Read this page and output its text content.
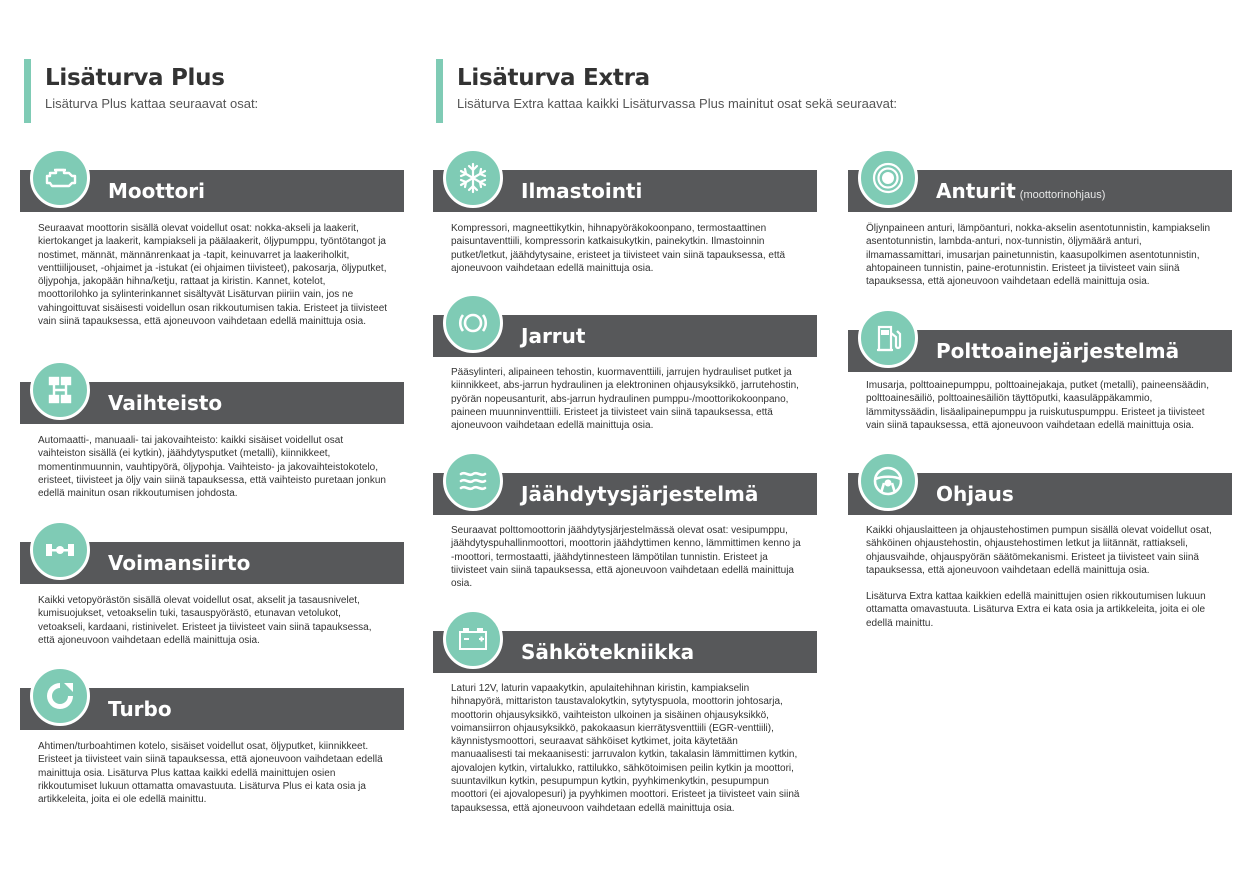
Lisäturva Plus
Lisäturva Plus kattaa seuraavat osat:
Lisäturva Extra
Lisäturva Extra kattaa kaikki Lisäturvassa Plus mainitut osat sekä seuraavat:
Moottori

Seuraavat moottorin sisällä olevat voidellut osat: nokka-akseli ja laakerit, kiertokanget ja laakerit, kampiakseli ja päälaakerit, öljypumppu, työntötangot ja nostimet, männät, männänrenkaat ja -tapit, keinuvarret ja laakeriholkit, venttiilijouset, -ohjaimet ja -istukat (ei ohjaimen tiivisteet), pakosarja, öljyputket, öljypohja, jakopään hihna/ketju, rattaat ja kiristin. Kannet, kotelot, moottorilohko ja sylinterinkannet sisältyvät Lisäturvan piiriin vain, jos ne vahingoittuvat sisäisesti voidellun osan rikkoutumisen takia. Eristeet ja tiivisteet vain siinä tapauksessa, että ajoneuvoon vaihdetaan edellä mainittuja osia.

Vaihteisto

Automaatti-, manuaali- tai jakovaihteisto: kaikki sisäiset voidellut osat vaihteiston sisällä (ei kytkin), jäähdytysputket (metalli), kiinnikkeet, momentinmuunnin, vauhtipyörä, öljypohja. Vaihteisto- ja jakovaihteistokotelo, eristeet, tiivisteet ja öljy vain siinä tapauksessa, että vaihteisto puretaan jonkun edellä mainitun osan rikkoutumisen johdosta.

Voimansiirto

Kaikki vetopyörästön sisällä olevat voidellut osat, akselit ja tasausnivelet, kumisuojukset, vetoakselin tuki, tasauspyörästö, etunavan vetolukot, vetoakseli, kardaani, ristinivelet. Eristeet ja tiivisteet vain siinä tapauksessa, että ajoneuvoon vaihdetaan edellä mainittuja osia.

Turbo

Ahtimen/turboahtimen kotelo, sisäiset voidellut osat, öljyputket, kiinnikkeet. Eristeet ja tiivisteet vain siinä tapauksessa, että ajoneuvoon vaihdetaan edellä mainittuja osia. Lisäturva Plus kattaa kaikki edellä mainittujen osien rikkoutumiset lukuun ottamatta omavastuuta. Lisäturva Plus ei kata osia ja artikkeleita, joita ei ole edellä mainittu.

Ilmastointi

Kompressori, magneettikytkin, hihnapyöräkokoonpano, termostaattinen paisuntaventtiili, kompressorin katkaisukytkin, painekytkin. Ilmastoinnin putket/letkut, jäähdytysaine, eristeet ja tiivisteet vain siinä tapauksessa, että ajoneuvoon vaihdetaan edellä mainittuja osia.

Jarrut

Pääsylinteri, alipaineen tehostin, kuormaventtiili, jarrujen hydrauliset putket ja kiinnikkeet, abs-jarrun hydraulinen ja elektroninen ohjausyksikkö, jarrutehostin, pyörän nopeusanturit, abs-jarrun hydraulinen pumppu-/moottorikokoonpano, paineen muunninventtiili. Eristeet ja tiivisteet vain siinä tapauksessa, että ajoneuvoon vaihdetaan edellä mainittuja osia.

Jäähdytysjärjestelmä

Seuraavat polttomoottorin jäähdytysjärjestelmässä olevat osat: vesipumppu, jäähdytyspuhallinmoottori, moottorin jäähdyttimen kenno, lämmittimen kenno ja -moottori, termostaatti, jäähdytinnesteen lämpötilan tunnistin. Eristeet ja tiivisteet vain siinä tapauksessa, että ajoneuvoon vaihdetaan edellä mainittuja osia.

Sähkötekniikka

Laturi 12V, laturin vapaakytkin, apulaitehihnan kiristin, kampiakselin hihnapyörä, mittariston taustavalokytkin, sytytyspuola, moottorin johtosarja, moottorin ohjausyksikkö, vaihteiston ulkoinen ja sisäinen ohjausyksikkö, voimansiirron ohjausyksikkö, pakokaasun kierrätysventtiili (EGR-venttiili), käynnistysmoottori, seuraavat sähköiset kytkimet, joita käytetään manuaalisesti tai mekaanisesti: jarruvalon kytkin, takalasin lämmittimen kytkin, ajovalojen kytkin, virtalukko, rattilukko, sähkötoimisen peilin kytkin ja moottori, suuntavilkun kytkin, pesupumpun kytkin, pyyhkimenkytkin, pesupumpun moottori (ei ajovalopesuri) ja pyyhkimen moottori. Eristeet ja tiivisteet vain siinä tapauksessa, että ajoneuvoon vaihdetaan edellä mainittuja osia.

Anturit (moottorinohjaus)

Öljynpaineen anturi, lämpöanturi, nokka-akselin asentotunnistin, kampiakselin asentotunnistin, lambda-anturi, nox-tunnistin, öljymäärä anturi, ilmamassamittari, imusarjan painetunnistin, kaasupolkimen asentotunnistin, ahtopaineen tunnistin, paine-erotunnistin. Eristeet ja tiivisteet vain siinä tapauksessa, että ajoneuvoon vaihdetaan edellä mainittuja osia.

Polttoainejärjestelmä

Imusarja, polttoainepumppu, polttoainejakaja, putket (metalli), paineensäädin, polttoainesäiliö, polttoainesäiliön täyttöputki, kaasuläppäkammio, lämmityssäädin, lisäalipainepumppu ja ruiskutuspumppu. Eristeet ja tiivisteet vain siinä tapauksessa, että ajoneuvoon vaihdetaan edellä mainittuja osia.

Ohjaus

Kaikki ohjauslaitteen ja ohjaustehostimen pumpun sisällä olevat voidellut osat, sähköinen ohjaustehostin, ohjaustehostimen letkut ja liitännät, rattiakseli, ohjausvaihde, ohjauspyörän säätömekanismi. Eristeet ja tiivisteet vain siinä tapauksessa, että ajoneuvoon vaihdetaan edellä mainittuja osia.

Lisäturva Extra kattaa kaikkien edellä mainittujen osien rikkoutumisen lukuun ottamatta omavastuuta. Lisäturva Extra ei kata osia ja artikkeleita, joita ei ole edellä mainittu.
